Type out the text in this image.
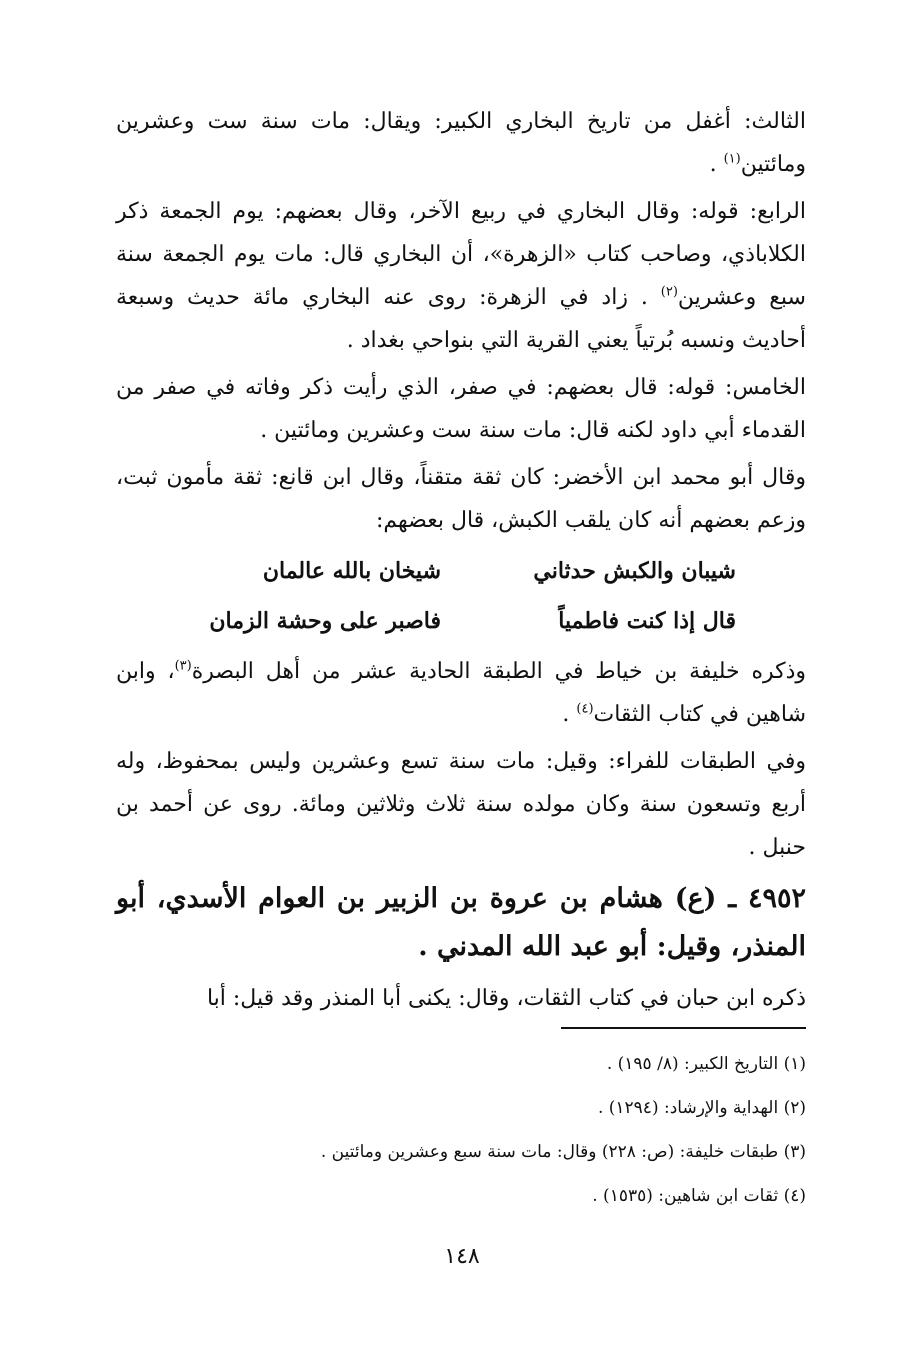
الثالث: أغفل من تاريخ البخاري الكبير: ويقال: مات سنة ست وعشرين ومائتين$^{(١)}$ .

الرابع: قوله: وقال البخاري في ربيع الآخر، وقال بعضهم: يوم الجمعة ذكر الكلاباذي، وصاحب كتاب «الزهرة»، أن البخاري قال: مات يوم الجمعة سنة سبع وعشرين$^{(٢)}$ . زاد في الزهرة: روى عنه البخاري مائة حديث وسبعة أحاديث ونسبه بُرتياً يعني القرية التي بنواحي بغداد .

الخامس: قوله: قال بعضهم: في صفر، الذي رأيت ذكر وفاته في صفر من القدماء أبي داود لكنه قال: مات سنة ست وعشرين ومائتين .

وقال أبو محمد ابن الأخضر: كان ثقة متقناً، وقال ابن قانع: ثقة مأمون ثبت، وزعم بعضهم أنه كان يلقب الكبش، قال بعضهم:

شيبان والكبش حدثاني
شيخان بالله عالمان
قال إذا كنت فاطمياً
فاصبر على وحشة الزمان

وذكره خليفة بن خياط في الطبقة الحادية عشر من أهل البصرة$^{(٣)}$، وابن شاهين في كتاب الثقات$^{(٤)}$ .

وفي الطبقات للفراء: وقيل: مات سنة تسع وعشرين وليس بمحفوظ، وله أربع وتسعون سنة وكان مولده سنة ثلاث وثلاثين ومائة. روى عن أحمد بن حنبل .

٤٩٥٢ ـ (ع) هشام بن عروة بن الزبير بن العوام الأسدي، أبو المنذر، وقيل: أبو عبد الله المدني .

ذكره ابن حبان في كتاب الثقات، وقال: يكنى أبا المنذر وقد قيل: أبا

(١) التاريخ الكبير: (٨/ ١٩٥) .

(٢) الهداية والإرشاد: (١٢٩٤) .

(٣) طبقات خليفة: (ص: ٢٢٨) وقال: مات سنة سبع وعشرين ومائتين .

(٤) ثقات ابن شاهين: (١٥٣٥) .

١٤٨
